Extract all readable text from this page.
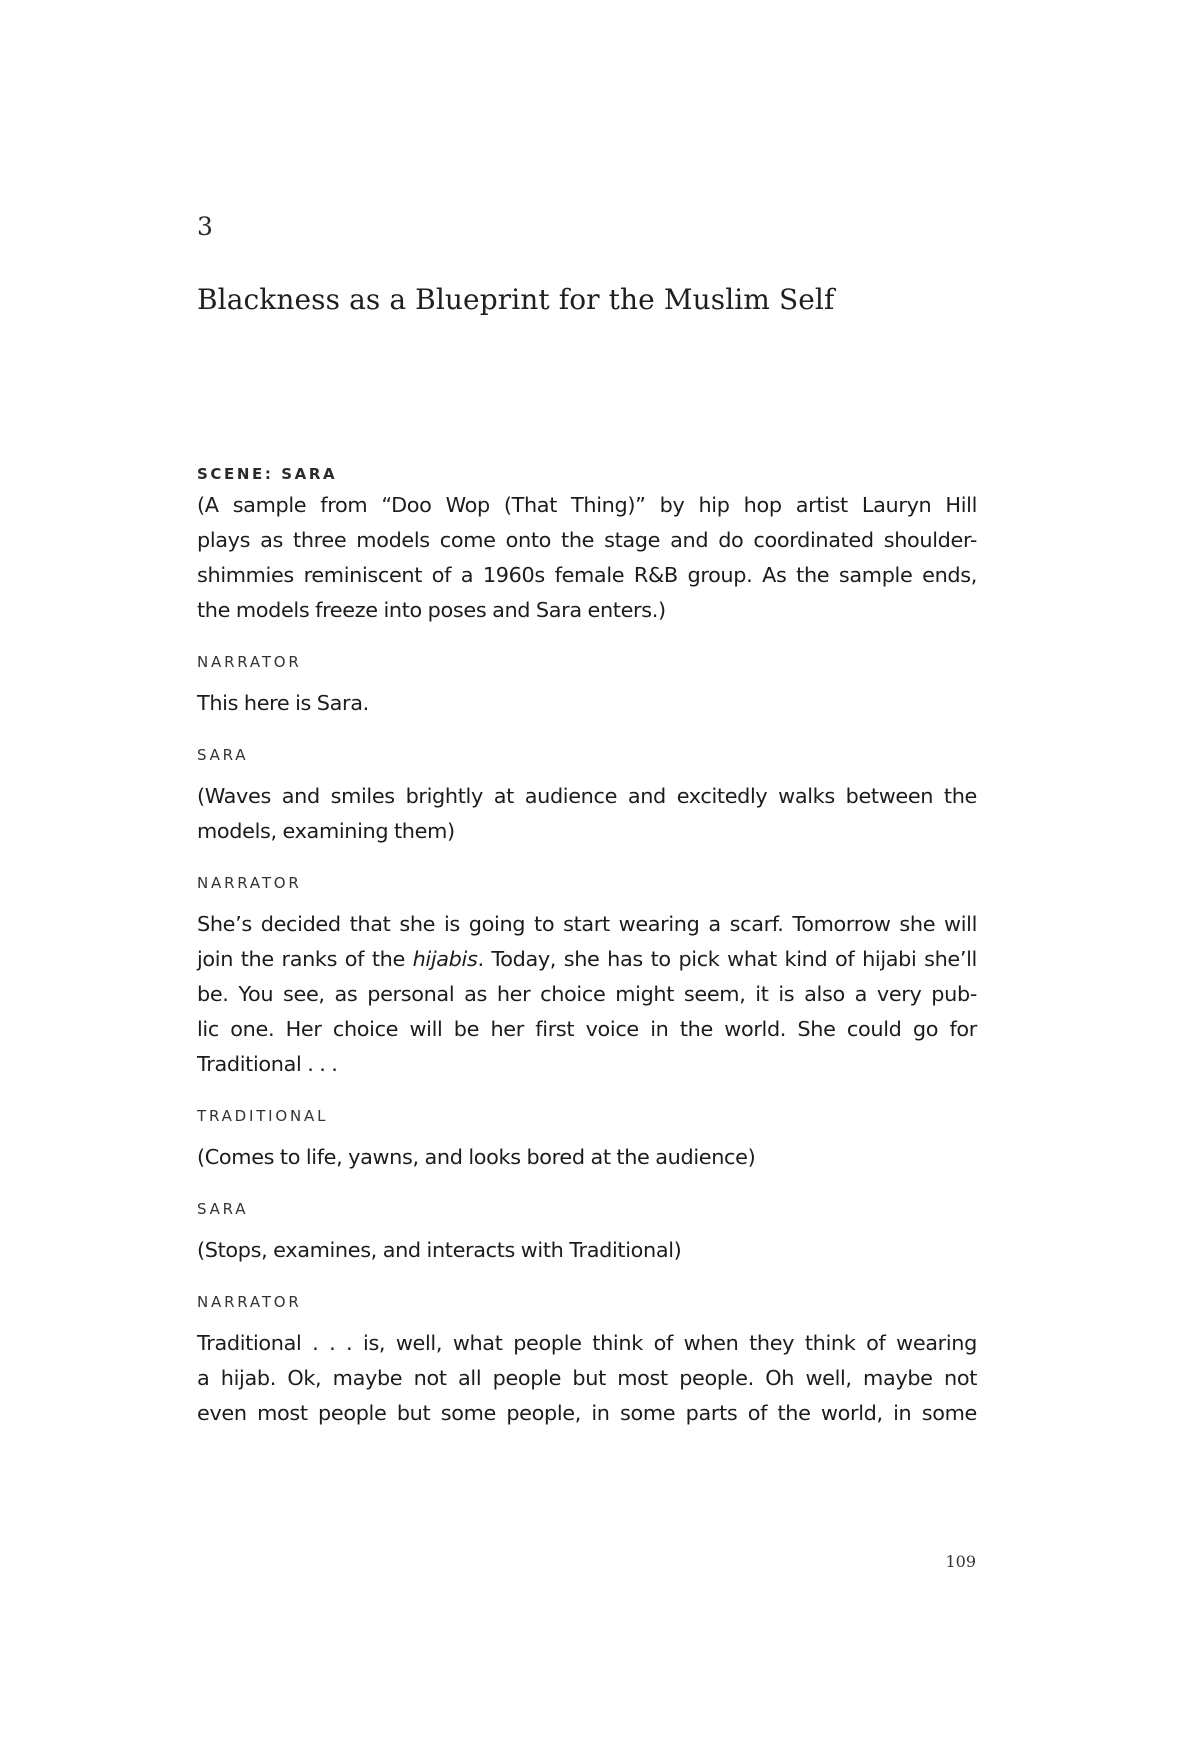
3
Blackness as a Blueprint for the Muslim Self
SCENE: SARA

(A sample from “Doo Wop (That Thing)” by hip hop artist Lauryn Hill
plays as three models come onto the stage and do coordinated shoulder-
shimmies reminiscent of a 1960s female R&B group. As the sample ends,
the models freeze into poses and Sara enters.)

NARRATOR

This here is Sara.

SARA

(Waves and smiles brightly at audience and excitedly walks between the
models, examining them)

NARRATOR

She’s decided that she is going to start wearing a scarf. Tomorrow she will
join the ranks of the hijabis. Today, she has to pick what kind of hijabi she’ll
be. You see, as personal as her choice might seem, it is also a very pub-
lic one. Her choice will be her first voice in the world. She could go for
Traditional . . .

TRADITIONAL

(Comes to life, yawns, and looks bored at the audience)

SARA

(Stops, examines, and interacts with Traditional)

NARRATOR

Traditional . . . is, well, what people think of when they think of wearing
a hijab. Ok, maybe not all people but most people. Oh well, maybe not
even most people but some people, in some parts of the world, in some

109
